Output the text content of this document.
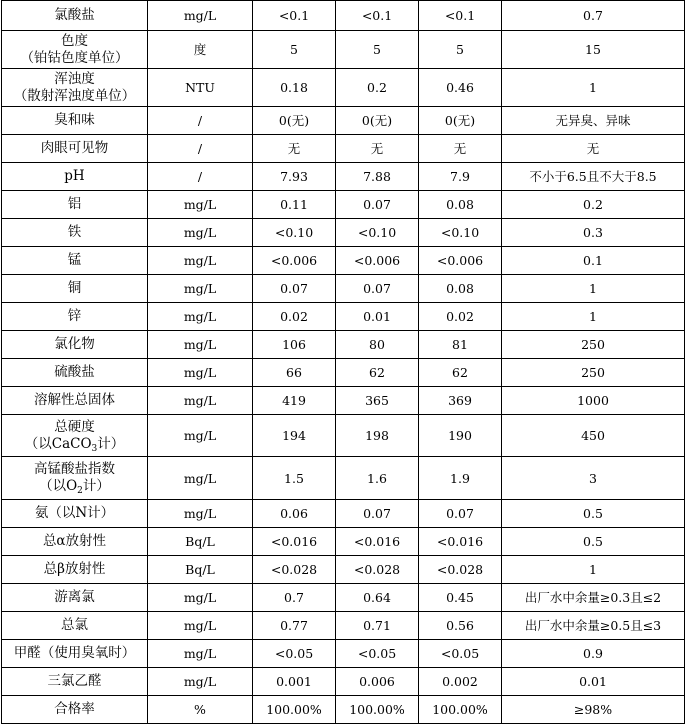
氯酸盐	mg/L	<0.1	<0.1	<0.1	0.7

色度
（铂钴色度单位）	度	5	5	5	15

浑浊度
（散射浑浊度单位）	NTU	0.18	0.2	0.46	1
臭和味	/	0(无)	0(无)	0(无)	无异臭、异味
肉眼可见物	/	无	无	无	无
pH	/	7.93	7.88	7.9	不小于6.5且不大于8.5
铝	mg/L	0.11	0.07	0.08	0.2
铁	mg/L	<0.10	<0.10	<0.10	0.3
锰	mg/L	<0.006	<0.006	<0.006	0.1
铜	mg/L	0.07	0.07	0.08	1
锌	mg/L	0.02	0.01	0.02	1
氯化物	mg/L	106	80	81	250
硫酸盐	mg/L	66	62	62	250
溶解性总固体	mg/L	419	365	369	1000

总硬度
（以CaCO$_3$计）	mg/L	194	198	190	450

高锰酸盐指数
（以$O_2$计）	mg/L	1.5	1.6	1.9	3
氨（以N计）	mg/L	0.06	0.07	0.07	0.5
总α放射性	Bq/L	<0.016	<0.016	<0.016	0.5
总β放射性	Bq/L	<0.028	<0.028	<0.028	1
游离氯	mg/L	0.7	0.64	0.45	出厂水中余量≥0.3且≤2
总氯	mg/L	0.77	0.71	0.56	出厂水中余量≥0.5且≤3
甲醛（使用臭氧时）	mg/L	<0.05	<0.05	<0.05	0.9
三氯乙醛	mg/L	0.001	0.006	0.002	0.01
合格率	%	100.00%	100.00%	100.00%	≥98%
